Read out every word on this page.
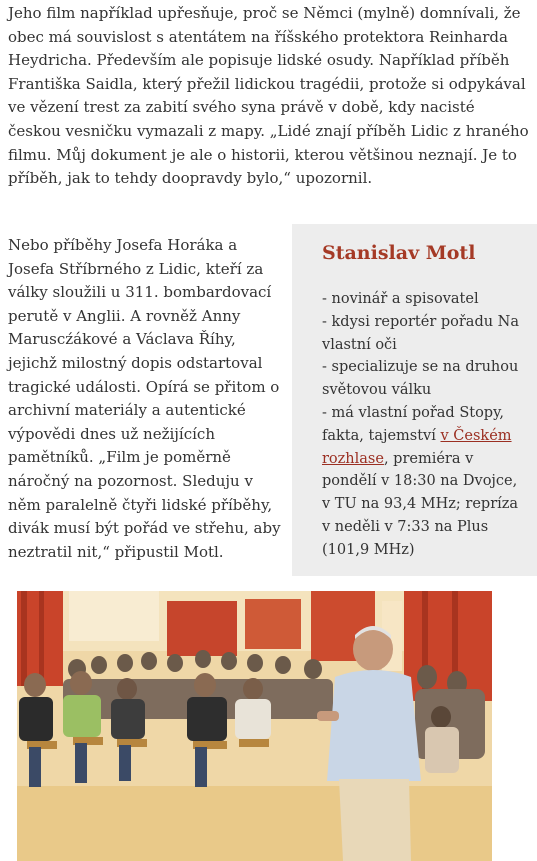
Jeho film například upřesňuje, proč se Němci (mylně) domnívali, že obec má souvislost s atentátem na říšského protektora Reinharda Heydricha. Především ale popisuje lidské osudy. Například příběh Františka Saidla, který přežil lidickou tragédii, protože si odpykával ve vězení trest za zabití svého syna právě v době, kdy nacisté českou vesničku vymazali z mapy. „Lidé znají příběh Lidic z hraného filmu. Můj dokument je ale o historii, kterou většinou neznají. Je to příběh, jak to tehdy doopravdy bylo,“ upozornil.

Nebo příběhy Josefa Horáka a Josefa Stříbrného z Lidic, kteří za války sloužili u 311. bombardovací perutě v Anglii. A rovněž Anny Maruscźákové a Václava Říhy, jejichž milostný dopis odstartoval tragické události. Opírá se přitom o archivní materiály a autentické výpovědi dnes už nežijících pamětníků. „Film je poměrně náročný na pozornost. Sleduju v něm paralelně čtyři lidské příběhy, divák musí být pořád ve střehu, aby neztratil nit,“ připustil Motl.

Stanislav Motl
- novinář a spisovatel
- kdysi reportér pořadu Na vlastní oči
- specializuje se na druhou světovou válku
- má vlastní pořad Stopy, fakta, tajemství v Českém rozhlase, premiéra v pondělí v 18:30 na Dvojce, v TU na 93,4 MHz; repríza v neděli v 7:33 na Plus (101,9 MHz)
